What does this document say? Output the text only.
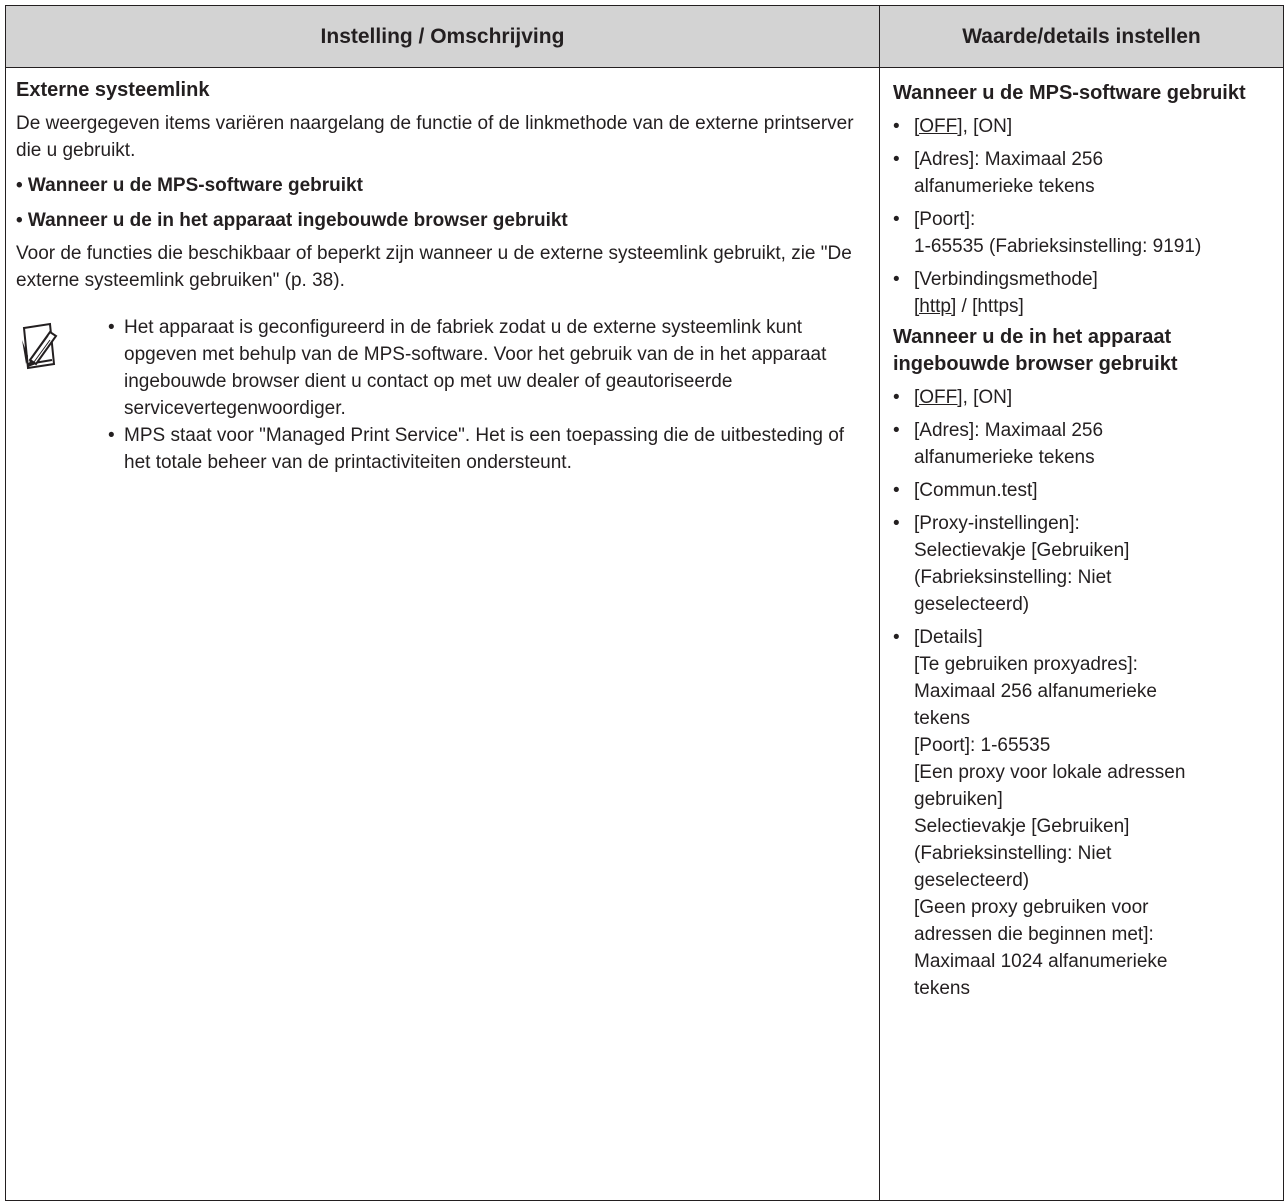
Instelling / Omschrijving	Waarde/details instellen
Externe systeemlink
De weergegeven items variëren naargelang de functie of de linkmethode van de externe printserver die u gebruikt.
• Wanneer u de MPS-software gebruikt
• Wanneer u de in het apparaat ingebouwde browser gebruikt
Voor de functies die beschikbaar of beperkt zijn wanneer u de externe systeemlink gebruikt, zie "De externe systeemlink gebruiken" (p. 38).
• Het apparaat is geconfigureerd in de fabriek zodat u de externe systeemlink kunt opgeven met behulp van de MPS-software. Voor het gebruik van de in het apparaat ingebouwde browser dient u contact op met uw dealer of geautoriseerde servicevertegenwoordiger.
• MPS staat voor "Managed Print Service". Het is een toepassing die de uitbesteding of het totale beheer van de printactiviteiten ondersteunt.
Wanneer u de MPS-software gebruikt
• [OFF], [ON]
• [Adres]: Maximaal 256
alfanumerieke tekens
• [Poort]:
1-65535 (Fabrieksinstelling: 9191)
• [Verbindingsmethode]
[http] / [https]
Wanneer u de in het apparaat ingebouwde browser gebruikt
• [OFF], [ON]
• [Adres]: Maximaal 256
alfanumerieke tekens
• [Commun.test]
• [Proxy-instellingen]:
Selectievakje [Gebruiken]
(Fabrieksinstelling: Niet
geselecteerd)
• [Details]
[Te gebruiken proxyadres]:
Maximaal 256 alfanumerieke
tekens
[Poort]: 1-65535
[Een proxy voor lokale adressen
gebruiken]
Selectievakje [Gebruiken]
(Fabrieksinstelling: Niet
geselecteerd)
[Geen proxy gebruiken voor
adressen die beginnen met]:
Maximaal 1024 alfanumerieke
tekens
